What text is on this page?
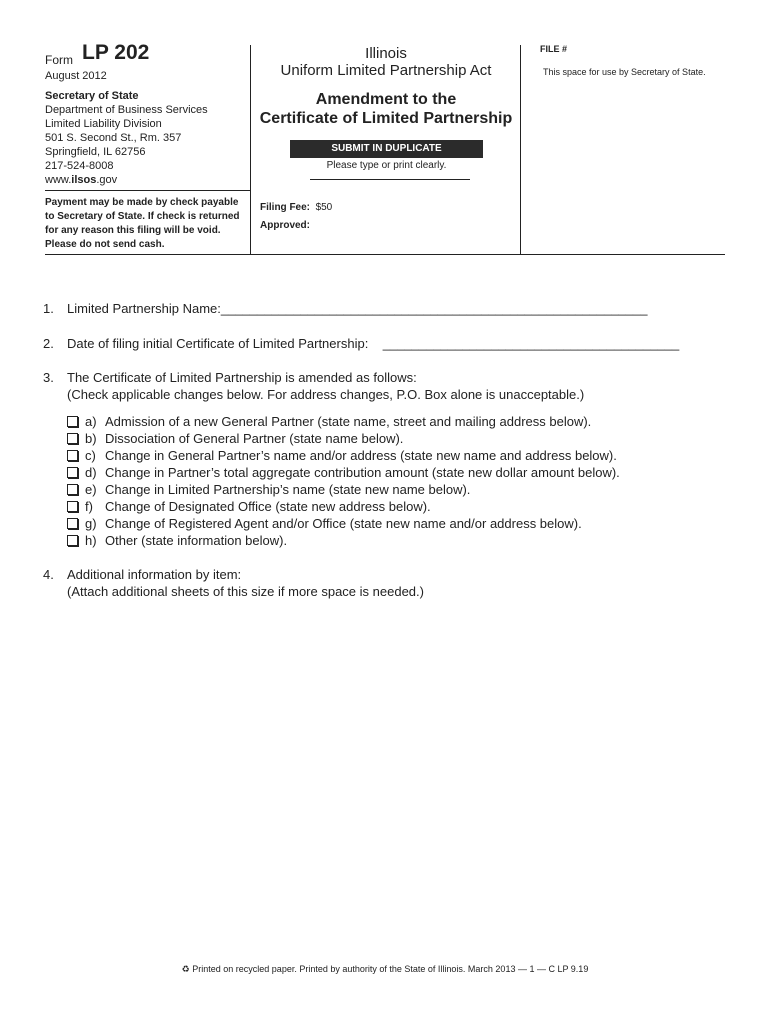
Form LP 202
August 2012
Secretary of State
Department of Business Services
Limited Liability Division
501 S. Second St., Rm. 357
Springfield, IL 62756
217-524-8008
www.ilsos.gov
Payment may be made by check payable to Secretary of State. If check is returned for any reason this filing will be void. Please do not send cash.
Illinois
Uniform Limited Partnership Act
Amendment to the
Certificate of Limited Partnership
SUBMIT IN DUPLICATE
Please type or print clearly.
Filing Fee: $50
Approved:
FILE #
This space for use by Secretary of State.
1. Limited Partnership Name:___________________________________________________________
2. Date of filing initial Certificate of Limited Partnership: _________________________________________
3. The Certificate of Limited Partnership is amended as follows:
(Check applicable changes below. For address changes, P.O. Box alone is unacceptable.)
a) Admission of a new General Partner (state name, street and mailing address below).
b) Dissociation of General Partner (state name below).
c) Change in General Partner’s name and/or address (state new name and address below).
d) Change in Partner’s total aggregate contribution amount (state new dollar amount below).
e) Change in Limited Partnership’s name (state new name below).
f) Change of Designated Office (state new address below).
g) Change of Registered Agent and/or Office (state new name and/or address below).
h) Other (state information below).
4. Additional information by item:
(Attach additional sheets of this size if more space is needed.)
♻ Printed on recycled paper. Printed by authority of the State of Illinois. March 2013 — 1 — C LP 9.19
